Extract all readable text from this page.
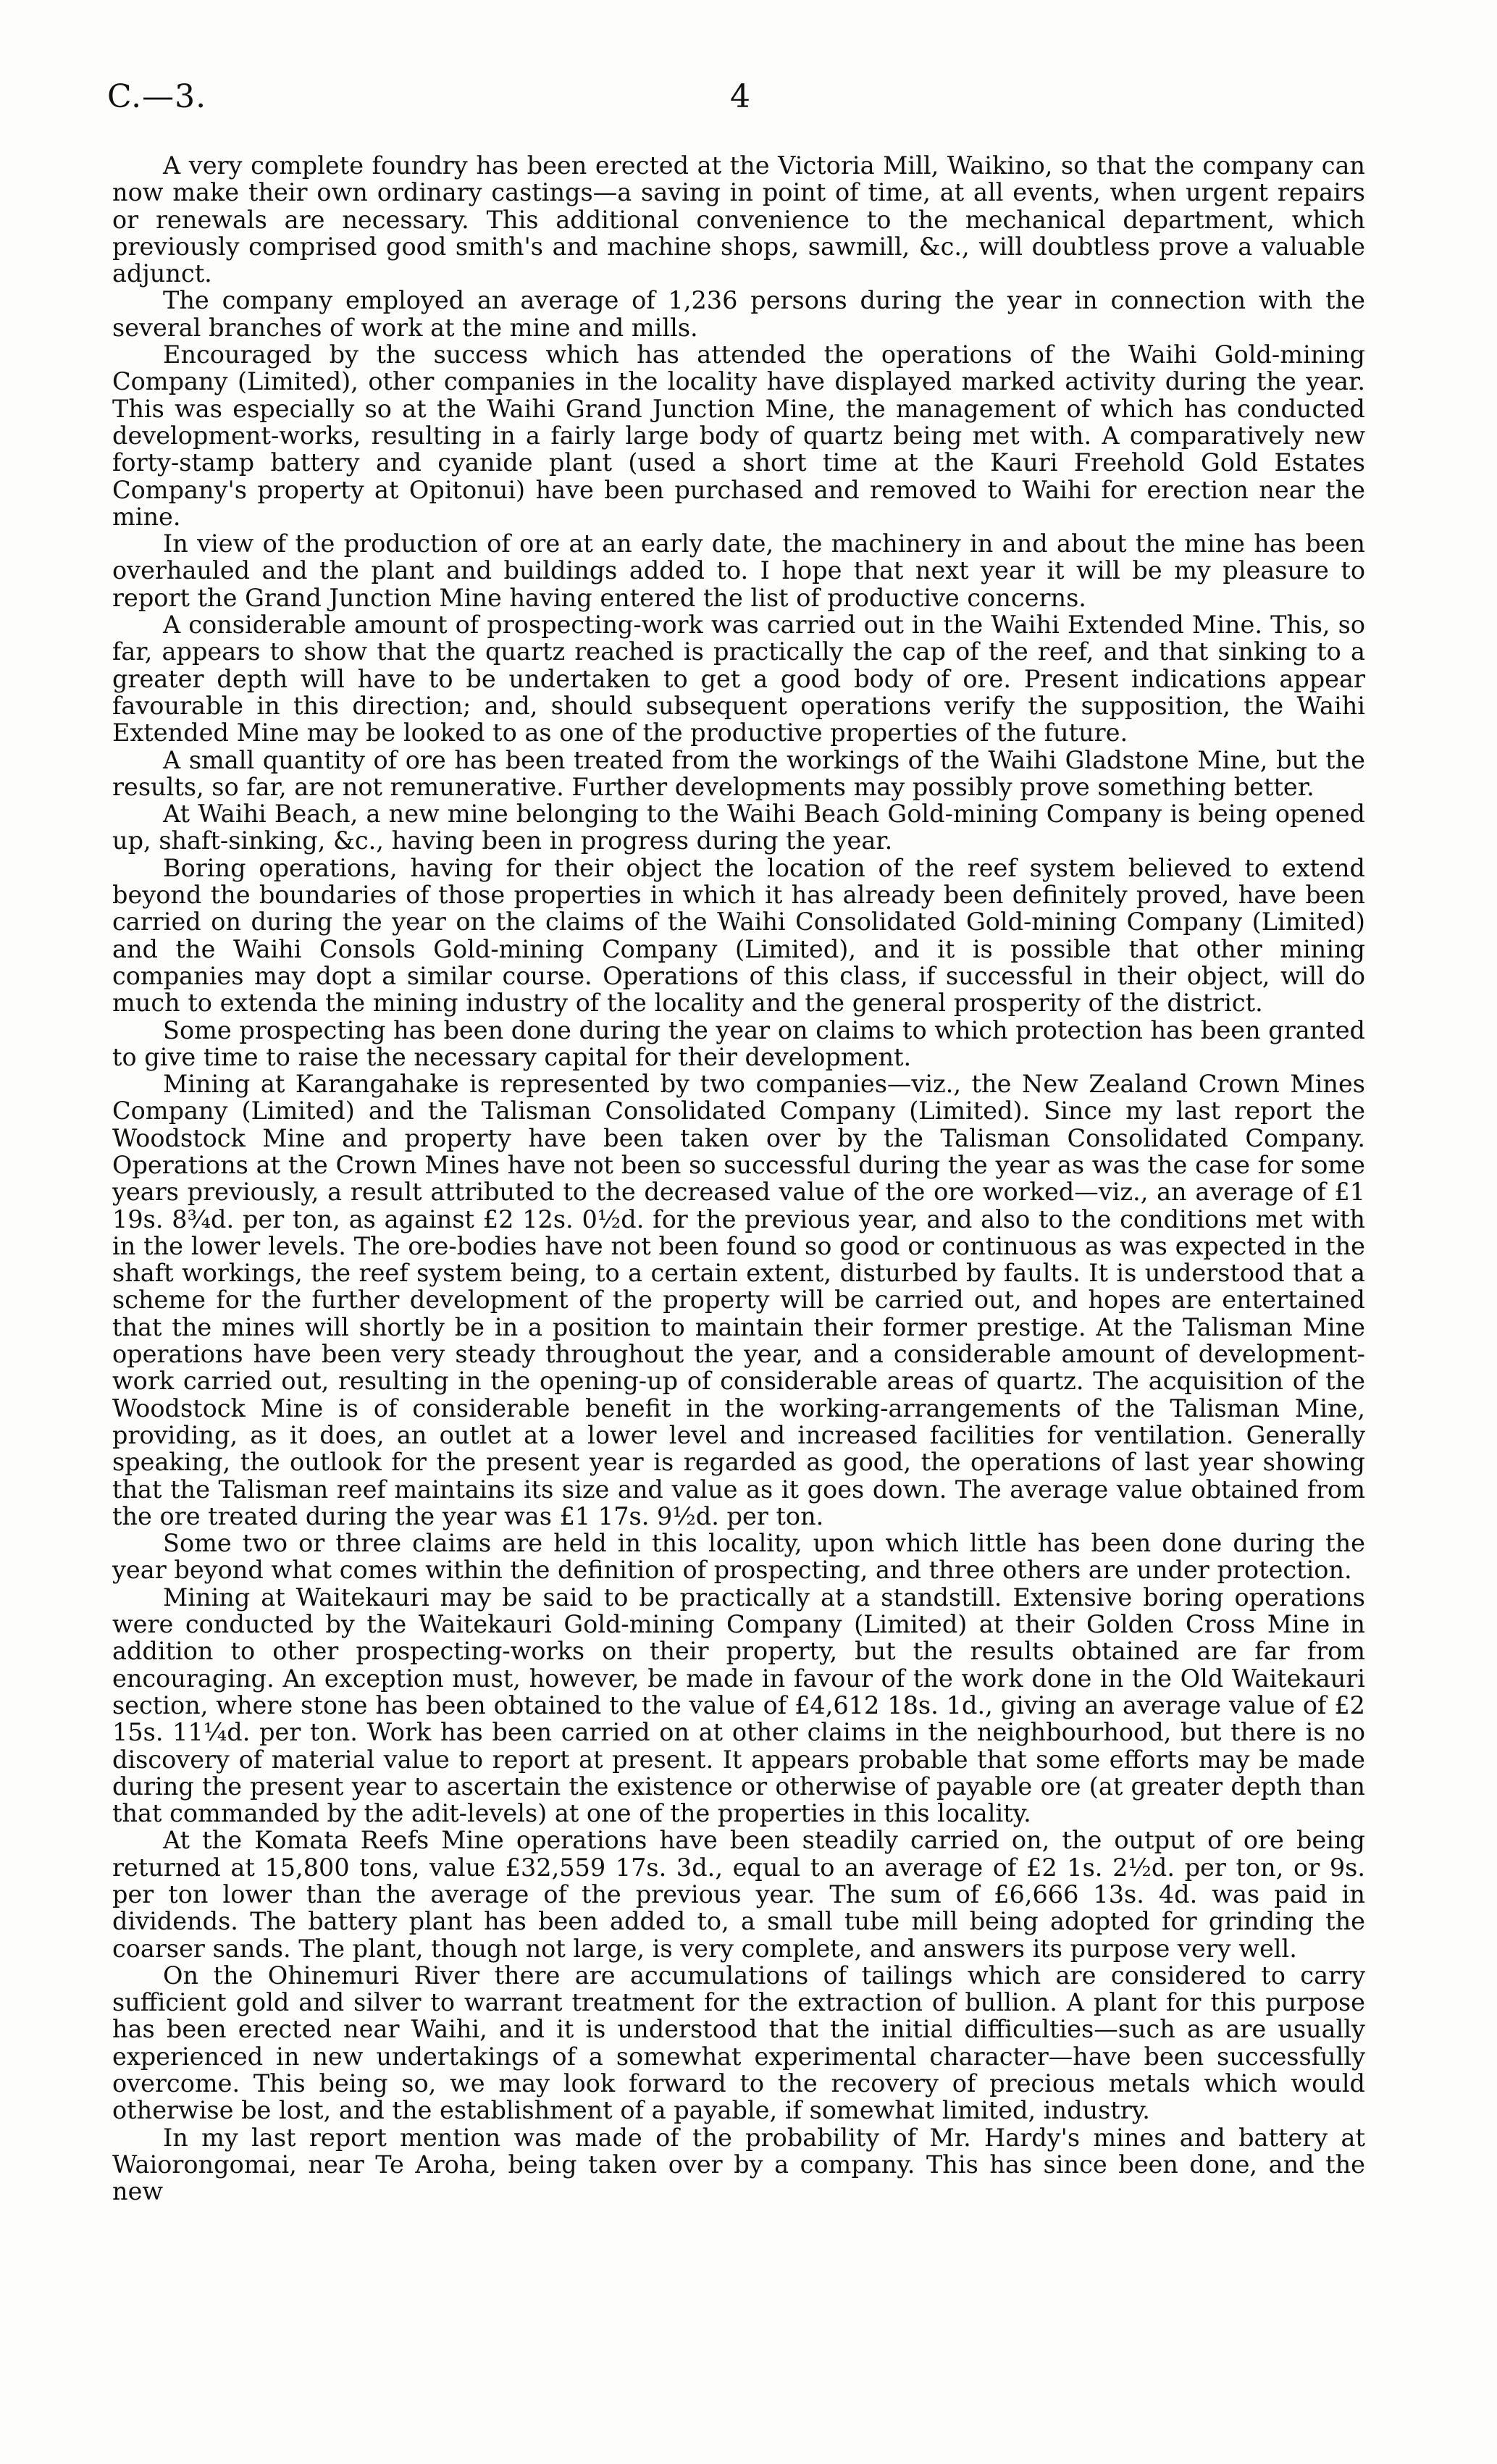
C.—3.	4

A very complete foundry has been erected at the Victoria Mill, Waikino, so that the company can now make their own ordinary castings—a saving in point of time, at all events, when urgent repairs or renewals are necessary. This additional convenience to the mechanical department, which previously comprised good smith's and machine shops, sawmill, &c., will doubtless prove a valuable adjunct.

The company employed an average of 1,236 persons during the year in connection with the several branches of work at the mine and mills.

Encouraged by the success which has attended the operations of the Waihi Gold-mining Company (Limited), other companies in the locality have displayed marked activity during the year. This was especially so at the Waihi Grand Junction Mine, the management of which has conducted development-works, resulting in a fairly large body of quartz being met with. A comparatively new forty-stamp battery and cyanide plant (used a short time at the Kauri Freehold Gold Estates Company's property at Opitonui) have been purchased and removed to Waihi for erection near the mine.

In view of the production of ore at an early date, the machinery in and about the mine has been overhauled and the plant and buildings added to. I hope that next year it will be my pleasure to report the Grand Junction Mine having entered the list of productive concerns.

A considerable amount of prospecting-work was carried out in the Waihi Extended Mine. This, so far, appears to show that the quartz reached is practically the cap of the reef, and that sinking to a greater depth will have to be undertaken to get a good body of ore. Present indications appear favourable in this direction; and, should subsequent operations verify the supposition, the Waihi Extended Mine may be looked to as one of the productive properties of the future.

A small quantity of ore has been treated from the workings of the Waihi Gladstone Mine, but the results, so far, are not remunerative. Further developments may possibly prove something better.

At Waihi Beach, a new mine belonging to the Waihi Beach Gold-mining Company is being opened up, shaft-sinking, &c., having been in progress during the year.

Boring operations, having for their object the location of the reef system believed to extend beyond the boundaries of those properties in which it has already been definitely proved, have been carried on during the year on the claims of the Waihi Consolidated Gold-mining Company (Limited) and the Waihi Consols Gold-mining Company (Limited), and it is possible that other mining companies may dopt a similar course. Operations of this class, if successful in their object, will do much to extenda the mining industry of the locality and the general prosperity of the district.

Some prospecting has been done during the year on claims to which protection has been granted to give time to raise the necessary capital for their development.

Mining at Karangahake is represented by two companies—viz., the New Zealand Crown Mines Company (Limited) and the Talisman Consolidated Company (Limited). Since my last report the Woodstock Mine and property have been taken over by the Talisman Consolidated Company. Operations at the Crown Mines have not been so successful during the year as was the case for some years previously, a result attributed to the decreased value of the ore worked—viz., an average of £1 19s. 8¾d. per ton, as against £2 12s. 0½d. for the previous year, and also to the conditions met with in the lower levels. The ore-bodies have not been found so good or continuous as was expected in the shaft workings, the reef system being, to a certain extent, disturbed by faults. It is understood that a scheme for the further development of the property will be carried out, and hopes are entertained that the mines will shortly be in a position to maintain their former prestige. At the Talisman Mine operations have been very steady throughout the year, and a considerable amount of development-work carried out, resulting in the opening-up of considerable areas of quartz. The acquisition of the Woodstock Mine is of considerable benefit in the working-arrangements of the Talisman Mine, providing, as it does, an outlet at a lower level and increased facilities for ventilation. Generally speaking, the outlook for the present year is regarded as good, the operations of last year showing that the Talisman reef maintains its size and value as it goes down. The average value obtained from the ore treated during the year was £1 17s. 9½d. per ton.

Some two or three claims are held in this locality, upon which little has been done during the year beyond what comes within the definition of prospecting, and three others are under protection.

Mining at Waitekauri may be said to be practically at a standstill. Extensive boring operations were conducted by the Waitekauri Gold-mining Company (Limited) at their Golden Cross Mine in addition to other prospecting-works on their property, but the results obtained are far from encouraging. An exception must, however, be made in favour of the work done in the Old Waitekauri section, where stone has been obtained to the value of £4,612 18s. 1d., giving an average value of £2 15s. 11¼d. per ton. Work has been carried on at other claims in the neighbourhood, but there is no discovery of material value to report at present. It appears probable that some efforts may be made during the present year to ascertain the existence or otherwise of payable ore (at greater depth than that commanded by the adit-levels) at one of the properties in this locality.

At the Komata Reefs Mine operations have been steadily carried on, the output of ore being returned at 15,800 tons, value £32,559 17s. 3d., equal to an average of £2 1s. 2½d. per ton, or 9s. per ton lower than the average of the previous year. The sum of £6,666 13s. 4d. was paid in dividends. The battery plant has been added to, a small tube mill being adopted for grinding the coarser sands. The plant, though not large, is very complete, and answers its purpose very well.

On the Ohinemuri River there are accumulations of tailings which are considered to carry sufficient gold and silver to warrant treatment for the extraction of bullion. A plant for this purpose has been erected near Waihi, and it is understood that the initial difficulties—such as are usually experienced in new undertakings of a somewhat experimental character—have been successfully overcome. This being so, we may look forward to the recovery of precious metals which would otherwise be lost, and the establishment of a payable, if somewhat limited, industry.

In my last report mention was made of the probability of Mr. Hardy's mines and battery at Waiorongomai, near Te Aroha, being taken over by a company. This has since been done, and the new
